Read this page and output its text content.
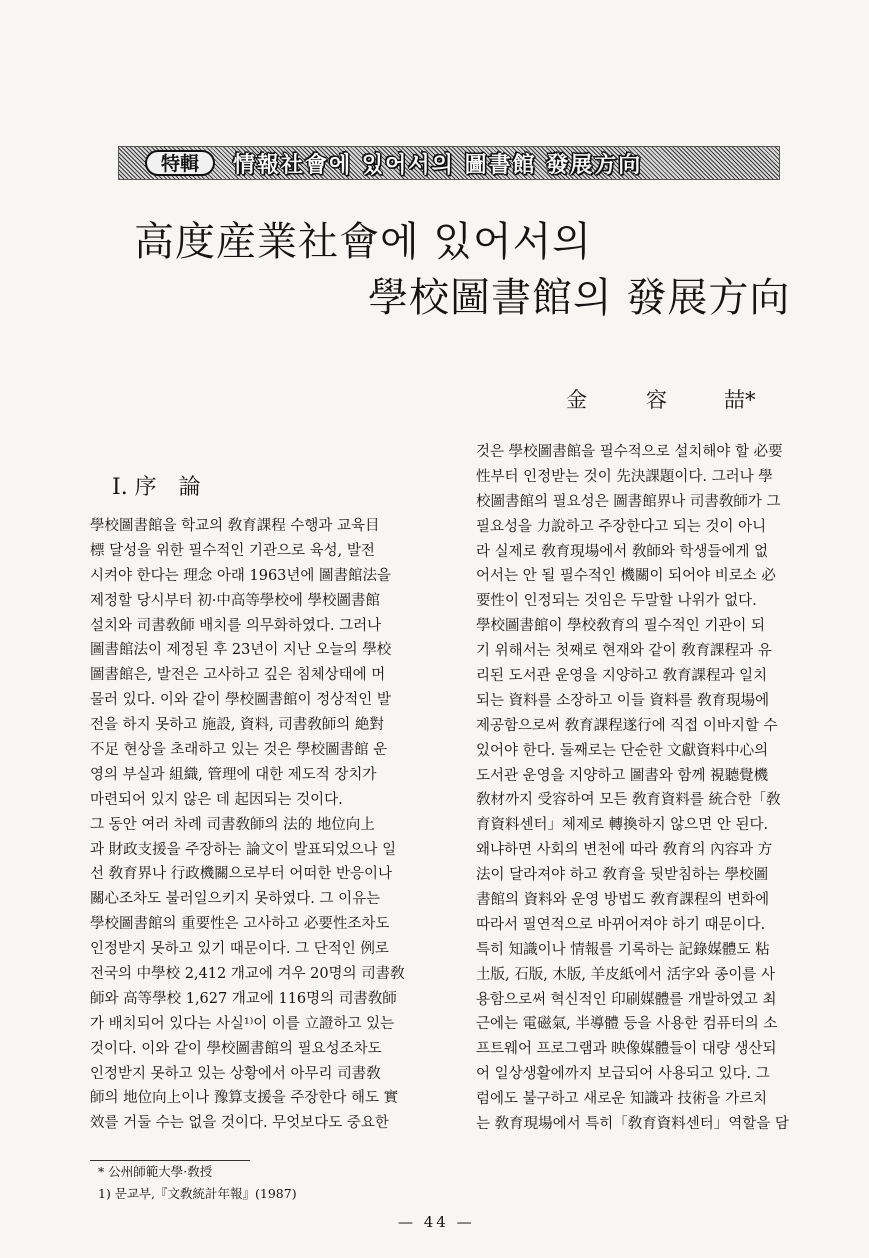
特輯	情報社會에 있어서의 圖書館 發展方向
高度産業社會에 있어서의
學校圖書館의 發展方向
金	容	喆*
Ⅰ. 序　論
學校圖書館을 학교의 敎育課程 수행과 교육目
標 달성을 위한 필수적인 기관으로 육성, 발전
시켜야 한다는 理念 아래 1963년에 圖書館法을
제정할 당시부터 初·中高等學校에 學校圖書館
설치와 司書敎師 배치를 의무화하였다. 그러나
圖書館法이 제정된 후 23년이 지난 오늘의 學校
圖書館은, 발전은 고사하고 깊은 침체상태에 머
물러 있다. 이와 같이 學校圖書館이 정상적인 발
전을 하지 못하고 施設, 資料, 司書敎師의 絶對
不足 현상을 초래하고 있는 것은 學校圖書館 운
영의 부실과 組織, 管理에 대한 제도적 장치가
마련되어 있지 않은 데 起因되는 것이다.
그 동안 여러 차례 司書敎師의 法的 地位向上
과 財政支援을 주장하는 論文이 발표되었으나 일
선 敎育界나 行政機關으로부터 어떠한 반응이나
關心조차도 불러일으키지 못하였다. 그 이유는
學校圖書館의 重要性은 고사하고 必要性조차도
인정받지 못하고 있기 때문이다. 그 단적인 例로
전국의 中學校 2,412 개교에 겨우 20명의 司書敎
師와 高等學校 1,627 개교에 116명의 司書敎師
가 배치되어 있다는 사실¹⁾이 이를 立證하고 있는
것이다. 이와 같이 學校圖書館의 필요성조차도
인정받지 못하고 있는 상황에서 아무리 司書敎
師의 地位向上이나 豫算支援을 주장한다 해도 實
效를 거둘 수는 없을 것이다. 무엇보다도 중요한
것은 學校圖書館을 필수적으로 설치해야 할 必要
性부터 인정받는 것이 先決課題이다. 그러나 學
校圖書館의 필요성은 圖書館界나 司書敎師가 그
필요성을 力說하고 주장한다고 되는 것이 아니
라 실제로 敎育現場에서 敎師와 학생들에게 없
어서는 안 될 필수적인 機關이 되어야 비로소 必
要性이 인정되는 것임은 두말할 나위가 없다.
學校圖書館이 學校敎育의 필수적인 기관이 되
기 위해서는 첫째로 현재와 같이 敎育課程과 유
리된 도서관 운영을 지양하고 敎育課程과 일치
되는 資料를 소장하고 이들 資料를 敎育現場에
제공함으로써 敎育課程遂行에 직접 이바지할 수
있어야 한다. 둘째로는 단순한 文獻資料中心의
도서관 운영을 지양하고 圖書와 함께 視聽覺機
敎材까지 受容하여 모든 敎育資料를 統合한「敎
育資料센터」체제로 轉換하지 않으면 안 된다.
왜냐하면 사회의 변천에 따라 敎育의 內容과 方
法이 달라져야 하고 敎育을 뒷받침하는 學校圖
書館의 資料와 운영 방법도 敎育課程의 변화에
따라서 필연적으로 바뀌어져야 하기 때문이다.
특히 知識이나 情報를 기록하는 記錄媒體도 粘
土版, 石版, 木版, 羊皮紙에서 活字와 종이를 사
용함으로써 혁신적인 印刷媒體를 개발하였고 최
근에는 電磁氣, 半導體 등을 사용한 컴퓨터의 소
프트웨어 프로그램과 映像媒體들이 대량 생산되
어 일상생활에까지 보급되어 사용되고 있다. 그
럼에도 불구하고 새로운 知識과 技術을 가르치
는 敎育現場에서 특히「敎育資料센터」역할을 담
* 公州師範大學·敎授
1) 문교부,『文敎統計年報』(1987)
— 44 —
